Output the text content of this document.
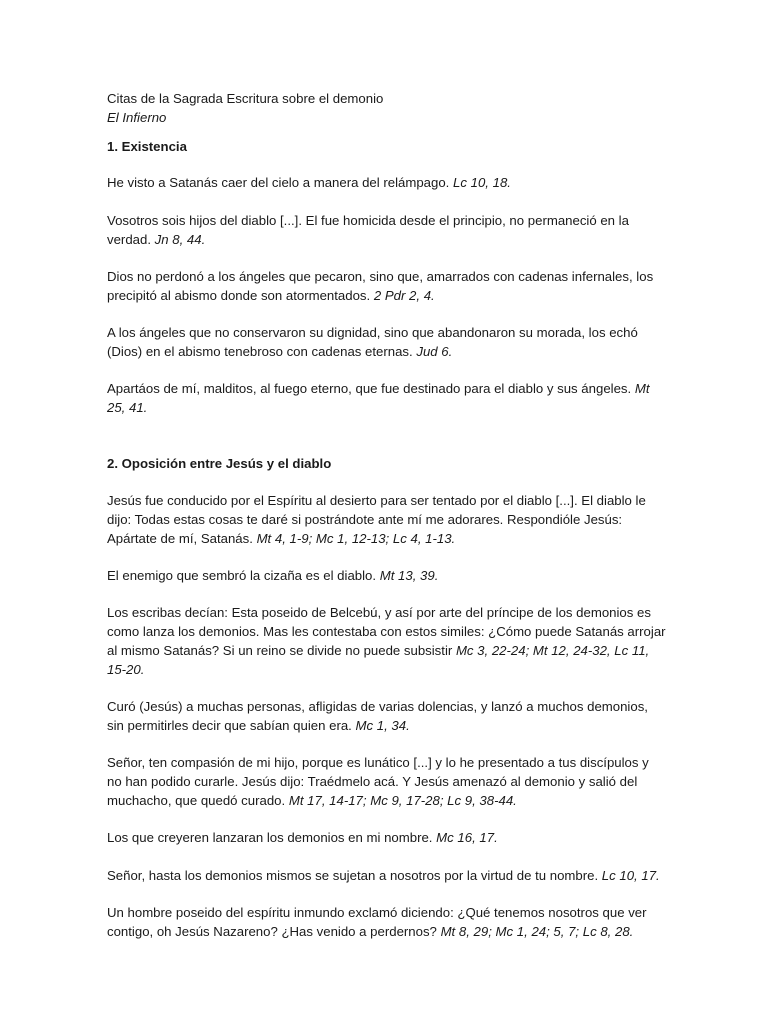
Citas de la Sagrada Escritura sobre el demonio
El Infierno
1. Existencia

He visto a Satanás caer del cielo a manera del relámpago. Lc 10, 18.

Vosotros sois hijos del diablo [...]. El fue homicida desde el principio, no permaneció en la verdad. Jn 8, 44.

Dios no perdonó a los ángeles que pecaron, sino que, amarrados con cadenas infernales, los precipitó al abismo donde son atormentados. 2 Pdr 2, 4.

A los ángeles que no conservaron su dignidad, sino que abandonaron su morada, los echó (Dios) en el abismo tenebroso con cadenas eternas. Jud 6.

Apartáos de mí, malditos, al fuego eterno, que fue destinado para el diablo y sus ángeles. Mt 25, 41.

2. Oposición entre Jesús y el diablo

Jesús fue conducido por el Espíritu al desierto para ser tentado por el diablo [...]. El diablo le dijo: Todas estas cosas te daré si postrándote ante mí me adorares. Respondióle Jesús: Apártate de mí, Satanás. Mt 4, 1-9; Mc 1, 12-13; Lc 4, 1-13.

El enemigo que sembró la cizaña es el diablo. Mt 13, 39.

Los escribas decían: Esta poseido de Belcebú, y así por arte del príncipe de los demonios es como lanza los demonios. Mas les contestaba con estos similes: ¿Cómo puede Satanás arrojar al mismo Satanás? Si un reino se divide no puede subsistir Mc 3, 22-24; Mt 12, 24-32, Lc 11, 15-20.

Curó (Jesús) a muchas personas, afligidas de varias dolencias, y lanzó a muchos demonios, sin permitirles decir que sabían quien era. Mc 1, 34.

Señor, ten compasión de mi hijo, porque es lunático [...] y lo he presentado a tus discípulos y no han podido curarle. Jesús dijo: Traédmelo acá. Y Jesús amenazó al demonio y salió del muchacho, que quedó curado. Mt 17, 14-17; Mc 9, 17-28; Lc 9, 38-44.

Los que creyeren lanzaran los demonios en mi nombre. Mc 16, 17.

Señor, hasta los demonios mismos se sujetan a nosotros por la virtud de tu nombre. Lc 10, 17.

Un hombre poseido del espíritu inmundo exclamó diciendo: ¿Qué tenemos nosotros que ver contigo, oh Jesús Nazareno? ¿Has venido a perdernos? Mt 8, 29; Mc 1, 24; 5, 7; Lc 8, 28.
